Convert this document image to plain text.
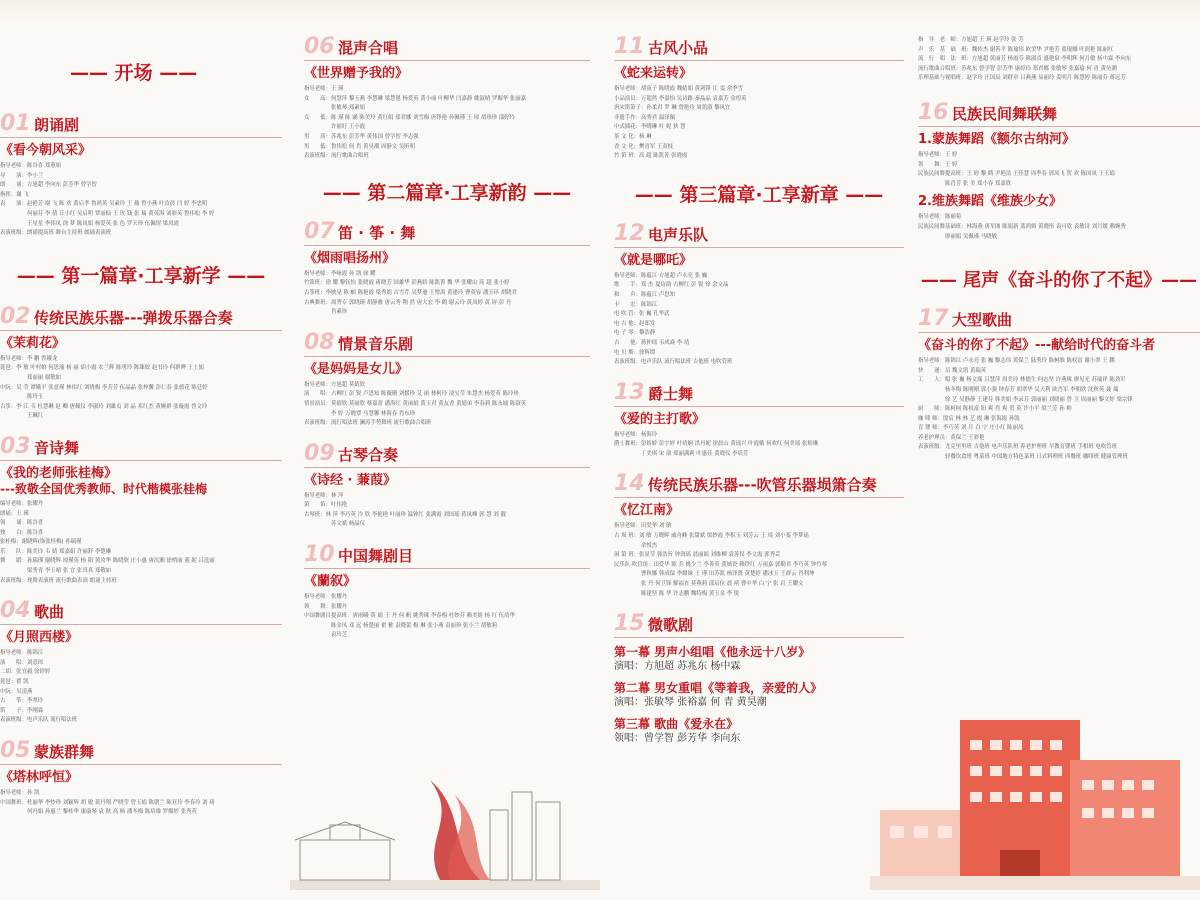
—— 开场 ——
01 朗诵剧
《看今朝风采》
指导老师：陈谷喜 郑蕙娟
导　　演：李小兰
朗　　诵：方旭超 李向东 彭芳华 曾学智
指挥：谢 飞
表　　演：赵艳芳 谢 飞 陈 欢 黄启孝 鲁鸿英 吴素玲 王 薇 曾小燕 叶汝晨 闫 婷 李忠明
　　　　　何丽芬 李 倩 丘小红 吴启明 覃丽仙 王 玫 钱 张 瑞 黄英海 刘彩英 鲁伟松 李 婷
　　　　　王星星 李伟凤 徐 梦 陈凤娟 杨爱英 张 色 罗天珍 伍佩煜 梁凤霞
表演班级：朗诵提高班 舞台主持班 朗诵表演班
—— 第一篇章·工享新学 ——
02 传统民族乐器---弹拨乐器合奏
《茉莉花》
指导老师：李 鹏 曾娥龙
琵琶：李 敏 叶村娘 何思瑜 杨 丽 胡小霞 农兰辉 陈勇玲 陈臻姣 赵书玲 何群晔 王土娟
　　　　　郑丽丽 谢敏如
中阮：吴 莹 谭娥平 张意瑾 林伟红 刘晓梅 李芳芳 伍晶晶 张梓馨 彭仁春 张德花 陈廷婷
　　　　　陈玲玉
古筝：李 江 韦 杜慧琳 赵 卿 唐佩仪 李淑玲 刘雄贞 刘 晶 邓红杰 黄婉群 张璇霞 曾文玲
　　　　　王珮红
03 音诗舞
《我的老师张桂梅》
---致敬全国优秀教师、时代楷模张桂梅
编导老师：张耀丹
朗诵：王 瑛
领　　诵：陈谷喜
独　　白：陈谷喜
张桂梅：谢晓辉(饰张桂梅) 孙瑞瑾
乐　　队：陈美玲 韦 婧 郑嘉娟 许丽舒 李楚琳
舞　　蹈：孙瑞瑾 谢晓辉 琼瑾英 杨 阳 黄汝华 陈晓欣 庄小惠 唐沉湘 徐梢丽 董 妮 吕选丽
　　　　　梁秀青 李玉晴 张 宜 张真真 郑敬如
表演班级：现舞表演班 流行歌曲表演 朗诵主持班
04 歌曲
《月照西楼》
指导老师：陈锦江
演　　唱：刘意琼
二胡：张宜毅 徐婷婷
琵琶：翟 凯
中阮：吴凌燕
古　　筝：李翠玲
笛　　子：李刚霖
表演班级：电声乐队 流行唱法班
05 蒙族群舞
《塔林呼恒》
指导老师：孙 凯
中国舞班：杜丽华 李炒珍 刘颖辉 胡 敏 黄丹翔 严晓莹 曾玉娟 陈朝兰 陈亚玲 李春玲 刘 琦
　　　　　何冯娟 孙惠兰 黎桂华 康康琴 袁 秋 高 杨 潘冬梅 陈培维 罗媚婷 张秀英
06 混声合唱
《世界赠予我的》
指导老师：王 瑛
女　　高：何慧萍 黎玉燕 李慧琳 梁慧恩 杨爱英 黄小丽 叶柳华 闫嘉静 姚淑晴 罗媚华 张丽嘉
　　　　　张敏琴 郑素娟
女　　低：陈 瑾 陈 涵 陈美玲 黄红娟 郑君娜 刘雪梅 唐铮艳 孙佩瑾 王 琼 胡珍珍 邵婷玲
　　　　　许丽好 王小霞
男　　高：苏兆东 彭芳华 黄伟国 曾学智 李志强
男　　低：鲁伟松 何 肖 黄昊潮 周静文 吴昕明
表演班级：流行歌曲合唱班
—— 第二篇章·工享新韵 ——
07 笛 · 筝 · 舞
《烟雨唱扬州》
指导老师：李咏霞 孙 凯 徐 耀
竹笛班：徐 耀 黎钰怡 张晓霞 蒋晓芳 国雄华 彭燕娇 陈凯箐 魏 华 张耀山 高 超 张小婷
古筝班：李映晃 陈 頔 陈艳霞 梁秀娟 吉雪芹 吴梦迪 王增禹 黄建玲 曹英容 潘玉环 胡晓君
古典舞班：周秀专 郭晓瑛 胡静雅 唐云秀 陶 然 唐大宏 李 鹤 谢云玲 黄凤婷 黄 屏 彭 丹
　　　　　肖素珍
08 情景音乐剧
《是妈妈是女儿》
指导老师：方旭超 莫婧欣
演　　唱：占柳红 彭 锐 卢思知 陈薇珊 刘媛珍 艾 丽 林柯玲 凌宝莹 朱慧杰 杨爱英 陈玲珍
情景演员：莫婧欣 莫丽欣 蔡嘉盈 潘海红 黄丽娟 黄玉君 黄友香 黄婧弟 李春莉 陈永城 陈淑英
　　　　　李 婷 万晓覃 马慧馨 林海春 肖东珍
表演班级：流行唱法班 澜涛手势舞班 流行歌曲合唱班
09 古琴合奏
《诗经 · 蒹葭》
指导老师：林 萍
箫　　笛：叶伟艳
古琴班：林 萍 李巧英 冷 欣 李艳艳 叶丽珍 温钟红 张满霞 刘国瑶 蒋凤峰 郭 慧 刘 靓
　　　　　苏文斌 杨晶仪
10 中国舞剧目
《蘭叙》
指导老师：张耀丹
领　　舞：张耀丹
中国舞剧目提高班：唐雨曦 黄 婧 王 丹 何 帆 姚秀珠 李春梅 杜妙芬 赖美娇 杨 红 伍靖华
　　　　　陈金凤 邓 远 杨楚丽 翟 雅 袁晓蕾 梅 琳 张小燕 袁丽珍 张小兰 胡敏莉
　　　　　袁玲芝
11 古风小品
《蛇来运转》
指导老师：胡寅子 陈晓霞 魏婧娟 黄剑锋 江 雯 余季雪
小品演员：万超然 李嘉怡 吴诗路 秦晶晶 袁嘉芳 金煌英
唐宋笛箫子：孙柔君 罗 琳 曾艳玲 周凯淑 黎凤宜
非遗手作：高秀君 温泽佩
中式插花：李晓琳 叶 妮 狄 慧
茶 文 化：杨 琳
香 文 化：樊青军 王双枝
竹 笛 班：高 超 陈凯菁 张晓霞
—— 第三篇章·工享新章 ——
12 电声乐队
《就是哪吒》
指导老师：陈蕴江 方旭超 卢永亮 张 巍
歌　　手：郑 杰 夏诗韵 占柳红 彭 锐 徐 余文晶
和　　声：陈蕴江 卢思知
卡　　宏：陈锦江
电 吹 管：张 巍 孔华武
电 吉 他：赵郑发
电 子 琴：黎浩静
吉　　他：蒋仲瑶 韦成焱 李 靖
电 贝 斯：徐辉谭
表演班级：电声乐队 流行唱法班 吉他班 电吹管班
13 爵士舞
《爱的主打歌》
指导老师：杨海玲
爵士舞班：彭娇娇 彭宇婷 叶靖娴 洪丹妮 徐晨山 黄瑶兴 叶霞娥 何欢红 何美瑶 张师琳
　　　　　丁美琪 宋 淑 郑丽满莉 叶惠佳 黄晓仪 李培芳
14 传统民族乐器---吹管乐器埙箫合奏
《忆江南》
指导老师：田爱华 刘 敏
古 埙 班：刘 敏 万晓晖 戚舟峰 张甜斌 梁妙霞 李积玉 刘芳云 王 琰 刘小斐 李梦瑶
　　　　　余悦杰
洞 箫 班：张显莹 韩浩旨 钟润瑶 晨丽娟 刘维柳 袁善仪 李文霞 郭秀芸
民乐队·吹管组：田爱华 陈 乔 姚少兰 李善英 黄嫣瓷 赖铁红 万雨嘉 郭勤君 李巧英 钟竹琴
　　　　　曹秋娜 韩成保 李嫦妹 王 瑾 田苏凯 杨泽贤 黄楚婷 潘冰玉 王群云 肖利坤
　　　　　张 丹 何卫锋 解福直 莫燕莉 邱启位 晨 褚 曹中华 白 宁 张 岩 王耀文
　　　　　陈建坚 陈 华 许志鹏 魏特梅 黄玉金 李 锐
15 微歌剧
第一幕 男声小组唱《他永远十八岁》
演唱：方旭超 苏兆东 杨中霖
第二幕 男女重唱《等着我，亲爱的人》
演唱：张敏琴 张裕嘉 何 青 黄昊潮
第三幕 歌曲《爱永在》
领唱：曾学智 彭芳华 李向东
指　导　老　师：方旭超 王 瑛 赵学玲 张 芳
声　乐　基　础　班：魏传杰 谢善平 陈瑜玮 欧美华 尹艳芳 蓝琨娜 叶润艳 陈丽红
流　行　唱　法　班：方旭超 黄丽芳 杨霞芬 陈淑贞 盛艳泉 李明辉 何月敏 杨中霖 李向东
流行歌曲合唱班：苏兆东 曾学智 彭芳华 康婷玲 郑君娜 张敏琴 张嘉瑜 何 青 黄昊潮
乐理基础与视唱班：赵学玲 汪国辰 刘群章 吕燕燕 易丽玲 姜明月 陈慧婷 陈丽芬 蒋远芳
16 民族民间舞联舞
1.蒙族舞蹈《额尔古纳河》
指导老师：王 婷
领　　舞：王 婷
民族民间舞提高班：王 婷 黎 鹤 尹艳清 王佳慧 周季春 郭凤飞 贺 欢 陈国凤 王玉娟
　　　　　陈肖芳 张 美 郑小春 郑嘉欣
2.维族舞蹈《维族少女》
指导老师：陈丽菊
民族民间舞基础班：林海燕 唐军阁 陈娟新 蓝鸿姆 黄晓彤 袁可欣 袁敏诗 刘月媛 赖婉秀
　　　　　廖丽娟 吴佩瑾 马晓敏
—— 尾声《奋斗的你了不起》——
17 大型歌曲
《奋斗的你了不起》---献给时代的奋斗者
指导老师：陈锦江 卢永亮 张 巍 黎志伟 黄保兰 陆秀玲 陈树维 陈权富 谢小翠 王 鹏
快　　递：员 魏文凯 黄瑞英
工　　人：唱 张 巍 杨文瑞 吕慧萍 周美玲 林德生 何志坚 许燕珠 廖见光 苏瑞祥 陈劲军
　　　　　杨冬梅 陈刚刚 郭小强 钟春芳 胡翠华 吴天利 欧肖军 李朝欣 沈秋英 聂 瑞
　　　　　徐 艺 吴静静 王建芬 韩美娟 李录芳 郭丽丽 刘晓丽 曾 卫 周丽丽 黎文婷 梁宗锋
厨　　师：陈柯柯 陈权富 钮 爽 肖 爽 贺 英 许小平 梁兰芳 孙 帅
咖 啡 师：殷宸 林 林 艺 霞 琳 张海霞 孙凯
育 婴 师：李巧英 刘 月 白 宁 庄小红 陈丽凤
养老护理员：黄保兰 王彩艳
表演班级：尤克里里班 吉他班 电声乐队班 养老护理班 早教育婴班 手相班 电吹管班
　　　　　轻餐饮食班 粤菜班 中国地方特色菜班 日式料理班 西餐班 咖啡班 健康管理班
